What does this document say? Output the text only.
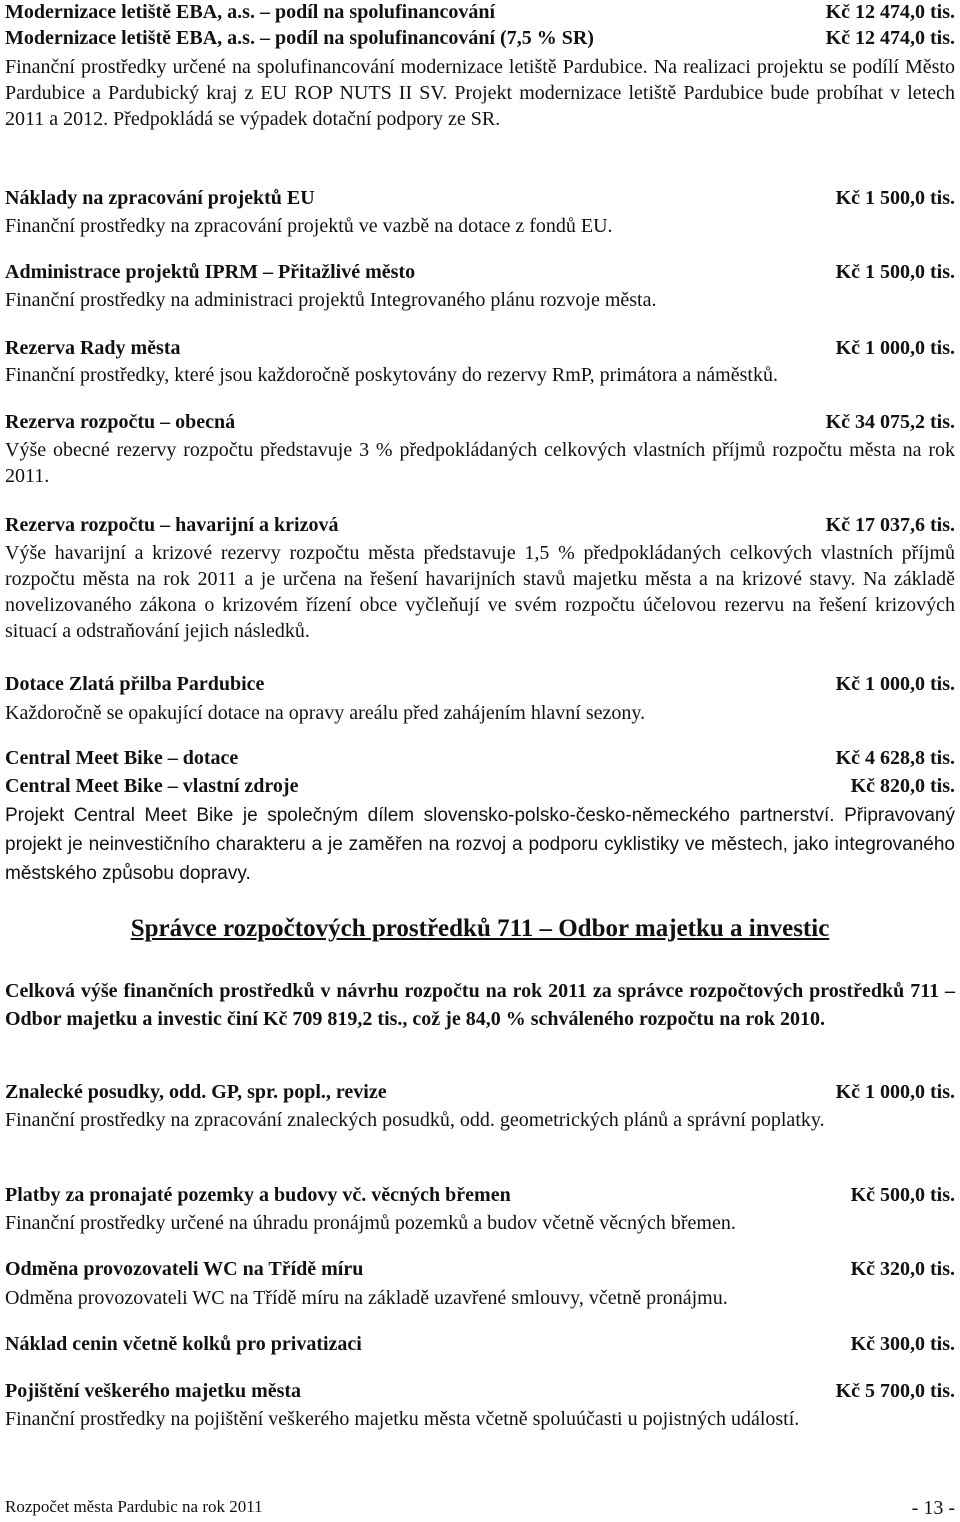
Modernizace letiště EBA, a.s. – podíl na spolufinancování	Kč 12 474,0 tis.
Modernizace letiště EBA, a.s. – podíl na spolufinancování (7,5 % SR)	Kč 12 474,0 tis.
Finanční prostředky určené na spolufinancování modernizace letiště Pardubice. Na realizaci projektu se podílí Město Pardubice a Pardubický kraj z EU ROP NUTS II SV. Projekt modernizace letiště Pardubice bude probíhat v letech 2011 a 2012. Předpokládá se výpadek dotační podpory ze SR.
Náklady na zpracování projektů EU	Kč 1 500,0 tis.
Finanční prostředky na zpracování projektů ve vazbě na dotace z fondů EU.
Administrace projektů IPRM – Přitažlivé město	Kč 1 500,0 tis.
Finanční prostředky na administraci projektů Integrovaného plánu rozvoje města.
Rezerva Rady města	Kč 1 000,0 tis.
Finanční prostředky, které jsou každoročně poskytovány do rezervy RmP, primátora a náměstků.
Rezerva rozpočtu – obecná	Kč 34 075,2 tis.
Výše obecné rezervy rozpočtu představuje 3 % předpokládaných celkových vlastních příjmů rozpočtu města na rok 2011.
Rezerva rozpočtu – havarijní a krizová	Kč 17 037,6 tis.
Výše havarijní a krizové rezervy rozpočtu města představuje 1,5 % předpokládaných celkových vlastních příjmů rozpočtu města na rok 2011 a je určena na řešení havarijních stavů majetku města a na krizové stavy. Na základě novelizovaného zákona o krizovém řízení obce vyčleňují ve svém rozpočtu účelovou rezervu na řešení krizových situací a odstraňování jejich následků.
Dotace Zlatá přilba Pardubice	Kč 1 000,0 tis.
Každoročně se opakující dotace na opravy areálu před zahájením hlavní sezony.
Central Meet Bike – dotace	Kč 4 628,8 tis.
Central Meet Bike – vlastní zdroje	Kč 820,0 tis.
Projekt Central Meet Bike je společným dílem slovensko-polsko-česko-německého partnerství. Připravovaný projekt je neinvestičního charakteru a je zaměřen na rozvoj a podporu cyklistiky ve městech, jako integrovaného městského způsobu dopravy.
Správce rozpočtových prostředků 711 – Odbor majetku a investic
Celková výše finančních prostředků v návrhu rozpočtu na rok 2011 za správce rozpočtových prostředků 711 – Odbor majetku a investic činí Kč 709 819,2 tis., což je 84,0 % schváleného rozpočtu na rok 2010.
Znalecké posudky, odd. GP, spr. popl., revize	Kč 1 000,0 tis.
Finanční prostředky na zpracování znaleckých posudků, odd. geometrických plánů a správní poplatky.
Platby za pronajaté pozemky a budovy vč. věcných břemen	Kč 500,0 tis.
Finanční prostředky určené na úhradu pronájmů pozemků a budov včetně věcných břemen.
Odměna provozovateli WC na Třídě míru	Kč 320,0 tis.
Odměna provozovateli WC na Třídě míru na základě uzavřené smlouvy, včetně pronájmu.
Náklad cenin včetně kolků pro privatizaci	Kč 300,0 tis.
Pojištění veškerého majetku města	Kč 5 700,0 tis.
Finanční prostředky na pojištění veškerého majetku města včetně spoluúčasti u pojistných událostí.
Rozpočet města Pardubic na rok 2011	- 13 -
